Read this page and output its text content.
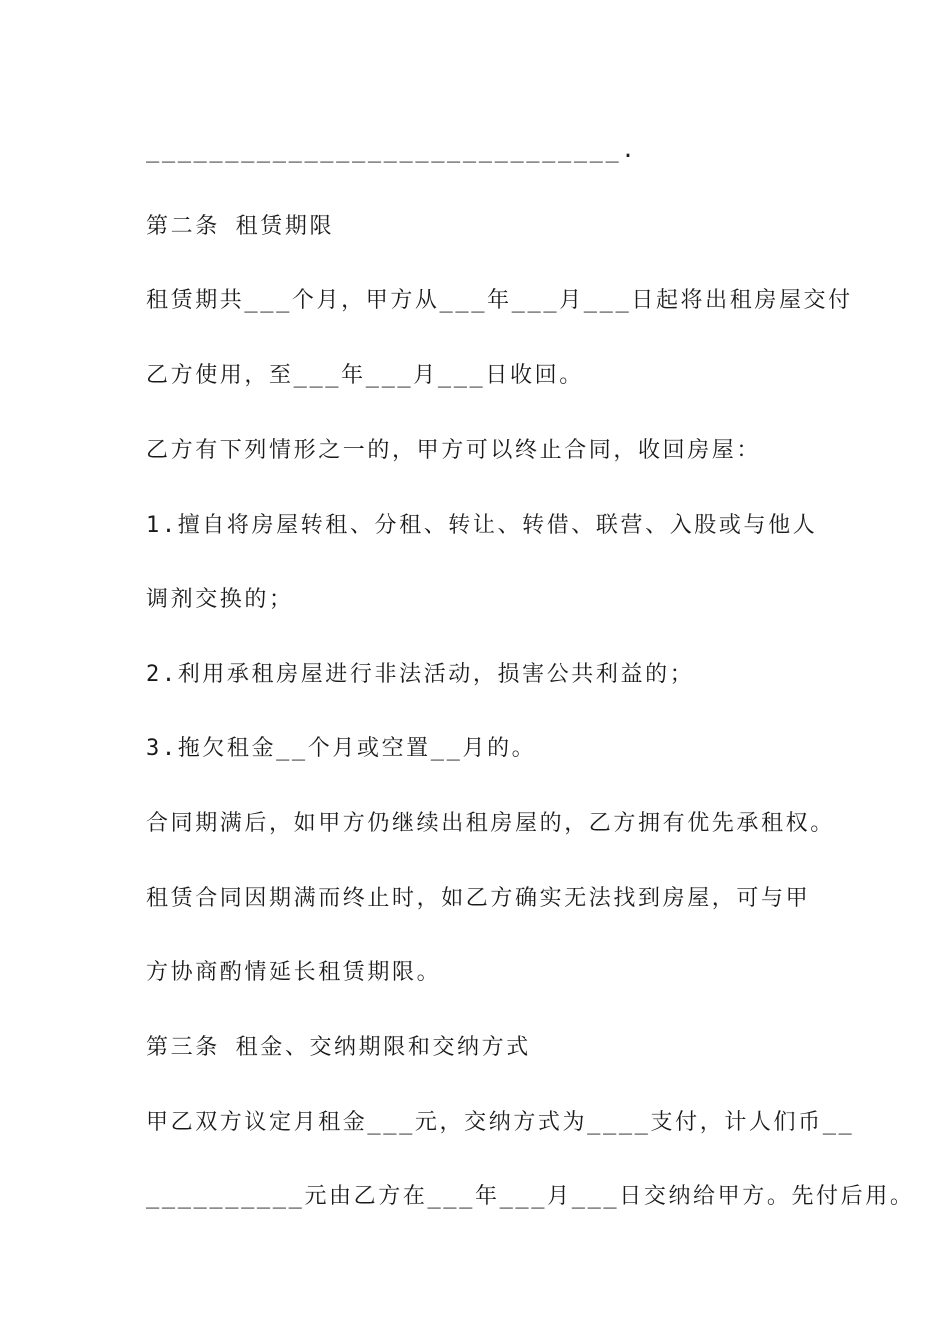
______________________________.

第二条 租赁期限

租赁期共___个月，甲方从___年___月___日起将出租房屋交付

乙方使用，至___年___月___日收回。

乙方有下列情形之一的，甲方可以终止合同，收回房屋：

1.擅自将房屋转租、分租、转让、转借、联营、入股或与他人

调剂交换的；

2.利用承租房屋进行非法活动，损害公共利益的；

3.拖欠租金__个月或空置__月的。

合同期满后，如甲方仍继续出租房屋的，乙方拥有优先承租权。

租赁合同因期满而终止时，如乙方确实无法找到房屋，可与甲

方协商酌情延长租赁期限。

第三条 租金、交纳期限和交纳方式

甲乙双方议定月租金___元，交纳方式为____支付，计人们币__

__________元由乙方在___年___月___日交纳给甲方。先付后用。
